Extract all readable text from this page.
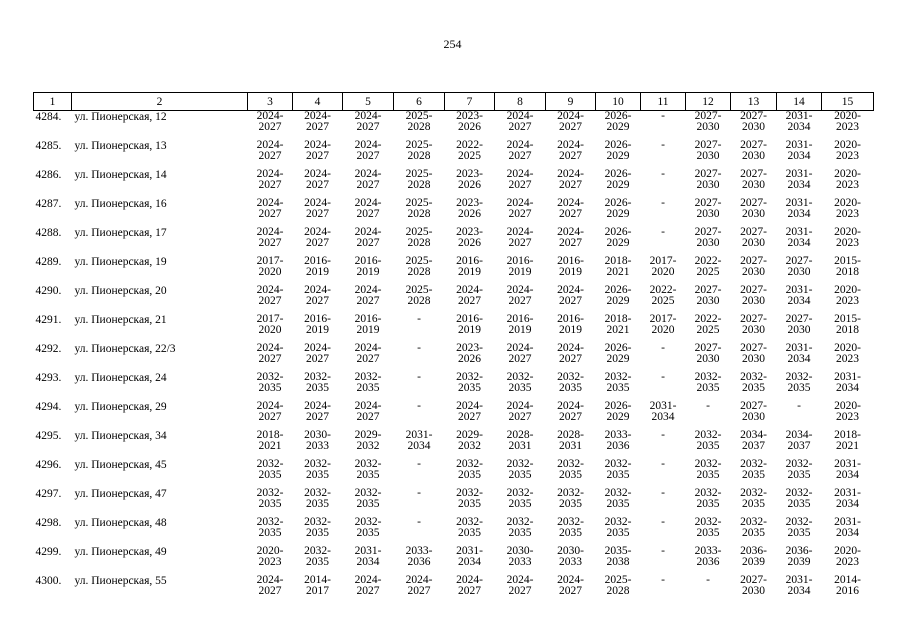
254
1	2	3	4	5	6	7	8	9	10	11	12	13	14	15
4284.	ул. Пионерская, 12	2024-
2027	2024-
2027	2024-
2027	2025-
2028	2023-
2026	2024-
2027	2024-
2027	2026-
2029	-	2027-
2030	2027-
2030	2031-
2034	2020-
2023

4285.	ул. Пионерская, 13	2024-
2027	2024-
2027	2024-
2027	2025-
2028	2022-
2025	2024-
2027	2024-
2027	2026-
2029	-	2027-
2030	2027-
2030	2031-
2034	2020-
2023

4286.	ул. Пионерская, 14	2024-
2027	2024-
2027	2024-
2027	2025-
2028	2023-
2026	2024-
2027	2024-
2027	2026-
2029	-	2027-
2030	2027-
2030	2031-
2034	2020-
2023

4287.	ул. Пионерская, 16	2024-
2027	2024-
2027	2024-
2027	2025-
2028	2023-
2026	2024-
2027	2024-
2027	2026-
2029	-	2027-
2030	2027-
2030	2031-
2034	2020-
2023

4288.	ул. Пионерская, 17	2024-
2027	2024-
2027	2024-
2027	2025-
2028	2023-
2026	2024-
2027	2024-
2027	2026-
2029	-	2027-
2030	2027-
2030	2031-
2034	2020-
2023

4289.	ул. Пионерская, 19	2017-
2020	2016-
2019	2016-
2019	2025-
2028	2016-
2019	2016-
2019	2016-
2019	2018-
2021	2017-
2020	2022-
2025	2027-
2030	2027-
2030	2015-
2018

4290.	ул. Пионерская, 20	2024-
2027	2024-
2027	2024-
2027	2025-
2028	2024-
2027	2024-
2027	2024-
2027	2026-
2029	2022-
2025	2027-
2030	2027-
2030	2031-
2034	2020-
2023

4291.	ул. Пионерская, 21	2017-
2020	2016-
2019	2016-
2019	-	2016-
2019	2016-
2019	2016-
2019	2018-
2021	2017-
2020	2022-
2025	2027-
2030	2027-
2030	2015-
2018

4292.	ул. Пионерская, 22/3	2024-
2027	2024-
2027	2024-
2027	-	2023-
2026	2024-
2027	2024-
2027	2026-
2029	-	2027-
2030	2027-
2030	2031-
2034	2020-
2023

4293.	ул. Пионерская, 24	2032-
2035	2032-
2035	2032-
2035	-	2032-
2035	2032-
2035	2032-
2035	2032-
2035	-	2032-
2035	2032-
2035	2032-
2035	2031-
2034

4294.	ул. Пионерская, 29	2024-
2027	2024-
2027	2024-
2027	-	2024-
2027	2024-
2027	2024-
2027	2026-
2029	2031-
2034	-	2027-
2030	-	2020-
2023

4295.	ул. Пионерская, 34	2018-
2021	2030-
2033	2029-
2032	2031-
2034	2029-
2032	2028-
2031	2028-
2031	2033-
2036	-	2032-
2035	2034-
2037	2034-
2037	2018-
2021

4296.	ул. Пионерская, 45	2032-
2035	2032-
2035	2032-
2035	-	2032-
2035	2032-
2035	2032-
2035	2032-
2035	-	2032-
2035	2032-
2035	2032-
2035	2031-
2034

4297.	ул. Пионерская, 47	2032-
2035	2032-
2035	2032-
2035	-	2032-
2035	2032-
2035	2032-
2035	2032-
2035	-	2032-
2035	2032-
2035	2032-
2035	2031-
2034

4298.	ул. Пионерская, 48	2032-
2035	2032-
2035	2032-
2035	-	2032-
2035	2032-
2035	2032-
2035	2032-
2035	-	2032-
2035	2032-
2035	2032-
2035	2031-
2034

4299.	ул. Пионерская, 49	2020-
2023	2032-
2035	2031-
2034	2033-
2036	2031-
2034	2030-
2033	2030-
2033	2035-
2038	-	2033-
2036	2036-
2039	2036-
2039	2020-
2023

4300.	ул. Пионерская, 55	2024-
2027	2014-
2017	2024-
2027	2024-
2027	2024-
2027	2024-
2027	2024-
2027	2025-
2028	-	-	2027-
2030	2031-
2034	2014-
2016
